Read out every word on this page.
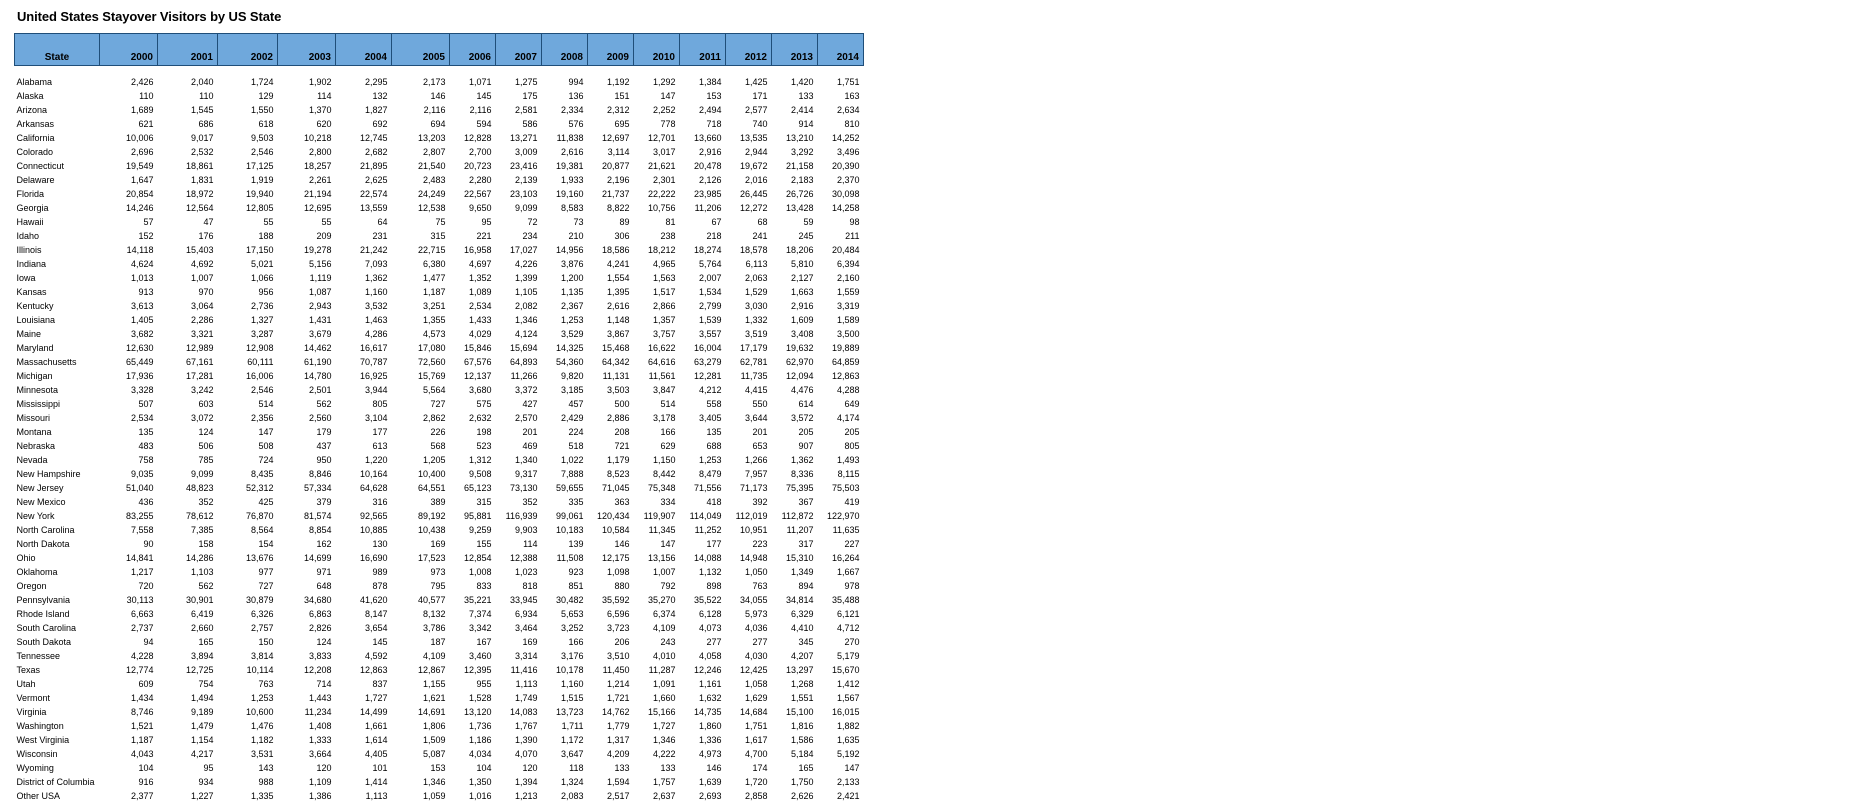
United States Stayover Visitors by US State
State	2000	2001	2002	2003	2004	2005	2006	2007	2008	2009	2010	2011	2012	2013	2014

Alabama	2,426	2,040	1,724	1,902	2,295	2,173	1,071	1,275	994	1,192	1,292	1,384	1,425	1,420	1,751
Alaska	110	110	129	114	132	146	145	175	136	151	147	153	171	133	163
Arizona	1,689	1,545	1,550	1,370	1,827	2,116	2,116	2,581	2,334	2,312	2,252	2,494	2,577	2,414	2,634
Arkansas	621	686	618	620	692	694	594	586	576	695	778	718	740	914	810
California	10,006	9,017	9,503	10,218	12,745	13,203	12,828	13,271	11,838	12,697	12,701	13,660	13,535	13,210	14,252
Colorado	2,696	2,532	2,546	2,800	2,682	2,807	2,700	3,009	2,616	3,114	3,017	2,916	2,944	3,292	3,496
Connecticut	19,549	18,861	17,125	18,257	21,895	21,540	20,723	23,416	19,381	20,877	21,621	20,478	19,672	21,158	20,390
Delaware	1,647	1,831	1,919	2,261	2,625	2,483	2,280	2,139	1,933	2,196	2,301	2,126	2,016	2,183	2,370
Florida	20,854	18,972	19,940	21,194	22,574	24,249	22,567	23,103	19,160	21,737	22,222	23,985	26,445	26,726	30,098
Georgia	14,246	12,564	12,805	12,695	13,559	12,538	9,650	9,099	8,583	8,822	10,756	11,206	12,272	13,428	14,258
Hawaii	57	47	55	55	64	75	95	72	73	89	81	67	68	59	98
Idaho	152	176	188	209	231	315	221	234	210	306	238	218	241	245	211
Illinois	14,118	15,403	17,150	19,278	21,242	22,715	16,958	17,027	14,956	18,586	18,212	18,274	18,578	18,206	20,484
Indiana	4,624	4,692	5,021	5,156	7,093	6,380	4,697	4,226	3,876	4,241	4,965	5,764	6,113	5,810	6,394
Iowa	1,013	1,007	1,066	1,119	1,362	1,477	1,352	1,399	1,200	1,554	1,563	2,007	2,063	2,127	2,160
Kansas	913	970	956	1,087	1,160	1,187	1,089	1,105	1,135	1,395	1,517	1,534	1,529	1,663	1,559
Kentucky	3,613	3,064	2,736	2,943	3,532	3,251	2,534	2,082	2,367	2,616	2,866	2,799	3,030	2,916	3,319
Louisiana	1,405	2,286	1,327	1,431	1,463	1,355	1,433	1,346	1,253	1,148	1,357	1,539	1,332	1,609	1,589
Maine	3,682	3,321	3,287	3,679	4,286	4,573	4,029	4,124	3,529	3,867	3,757	3,557	3,519	3,408	3,500
Maryland	12,630	12,989	12,908	14,462	16,617	17,080	15,846	15,694	14,325	15,468	16,622	16,004	17,179	19,632	19,889
Massachusetts	65,449	67,161	60,111	61,190	70,787	72,560	67,576	64,893	54,360	64,342	64,616	63,279	62,781	62,970	64,859
Michigan	17,936	17,281	16,006	14,780	16,925	15,769	12,137	11,266	9,820	11,131	11,561	12,281	11,735	12,094	12,863
Minnesota	3,328	3,242	2,546	2,501	3,944	5,564	3,680	3,372	3,185	3,503	3,847	4,212	4,415	4,476	4,288
Mississippi	507	603	514	562	805	727	575	427	457	500	514	558	550	614	649
Missouri	2,534	3,072	2,356	2,560	3,104	2,862	2,632	2,570	2,429	2,886	3,178	3,405	3,644	3,572	4,174
Montana	135	124	147	179	177	226	198	201	224	208	166	135	201	205	205
Nebraska	483	506	508	437	613	568	523	469	518	721	629	688	653	907	805
Nevada	758	785	724	950	1,220	1,205	1,312	1,340	1,022	1,179	1,150	1,253	1,266	1,362	1,493
New Hampshire	9,035	9,099	8,435	8,846	10,164	10,400	9,508	9,317	7,888	8,523	8,442	8,479	7,957	8,336	8,115
New Jersey	51,040	48,823	52,312	57,334	64,628	64,551	65,123	73,130	59,655	71,045	75,348	71,556	71,173	75,395	75,503
New Mexico	436	352	425	379	316	389	315	352	335	363	334	418	392	367	419
New York	83,255	78,612	76,870	81,574	92,565	89,192	95,881	116,939	99,061	120,434	119,907	114,049	112,019	112,872	122,970
North Carolina	7,558	7,385	8,564	8,854	10,885	10,438	9,259	9,903	10,183	10,584	11,345	11,252	10,951	11,207	11,635
North Dakota	90	158	154	162	130	169	155	114	139	146	147	177	223	317	227
Ohio	14,841	14,286	13,676	14,699	16,690	17,523	12,854	12,388	11,508	12,175	13,156	14,088	14,948	15,310	16,264
Oklahoma	1,217	1,103	977	971	989	973	1,008	1,023	923	1,098	1,007	1,132	1,050	1,349	1,667
Oregon	720	562	727	648	878	795	833	818	851	880	792	898	763	894	978
Pennsylvania	30,113	30,901	30,879	34,680	41,620	40,577	35,221	33,945	30,482	35,592	35,270	35,522	34,055	34,814	35,488
Rhode Island	6,663	6,419	6,326	6,863	8,147	8,132	7,374	6,934	5,653	6,596	6,374	6,128	5,973	6,329	6,121
South Carolina	2,737	2,660	2,757	2,826	3,654	3,786	3,342	3,464	3,252	3,723	4,109	4,073	4,036	4,410	4,712
South Dakota	94	165	150	124	145	187	167	169	166	206	243	277	277	345	270
Tennessee	4,228	3,894	3,814	3,833	4,592	4,109	3,460	3,314	3,176	3,510	4,010	4,058	4,030	4,207	5,179
Texas	12,774	12,725	10,114	12,208	12,863	12,867	12,395	11,416	10,178	11,450	11,287	12,246	12,425	13,297	15,670
Utah	609	754	763	714	837	1,155	955	1,113	1,160	1,214	1,091	1,161	1,058	1,268	1,412
Vermont	1,434	1,494	1,253	1,443	1,727	1,621	1,528	1,749	1,515	1,721	1,660	1,632	1,629	1,551	1,567
Virginia	8,746	9,189	10,600	11,234	14,499	14,691	13,120	14,083	13,723	14,762	15,166	14,735	14,684	15,100	16,015
Washington	1,521	1,479	1,476	1,408	1,661	1,806	1,736	1,767	1,711	1,779	1,727	1,860	1,751	1,816	1,882
West Virginia	1,187	1,154	1,182	1,333	1,614	1,509	1,186	1,390	1,172	1,317	1,346	1,336	1,617	1,586	1,635
Wisconsin	4,043	4,217	3,531	3,664	4,405	5,087	4,034	4,070	3,647	4,209	4,222	4,973	4,700	5,184	5,192
Wyoming	104	95	143	120	101	153	104	120	118	133	133	146	174	165	147
District of Columbia	916	934	988	1,109	1,414	1,346	1,350	1,394	1,324	1,594	1,757	1,639	1,720	1,750	2,133
Other USA	2,377	1,227	1,335	1,386	1,113	1,059	1,016	1,213	2,083	2,517	2,637	2,693	2,858	2,626	2,421
